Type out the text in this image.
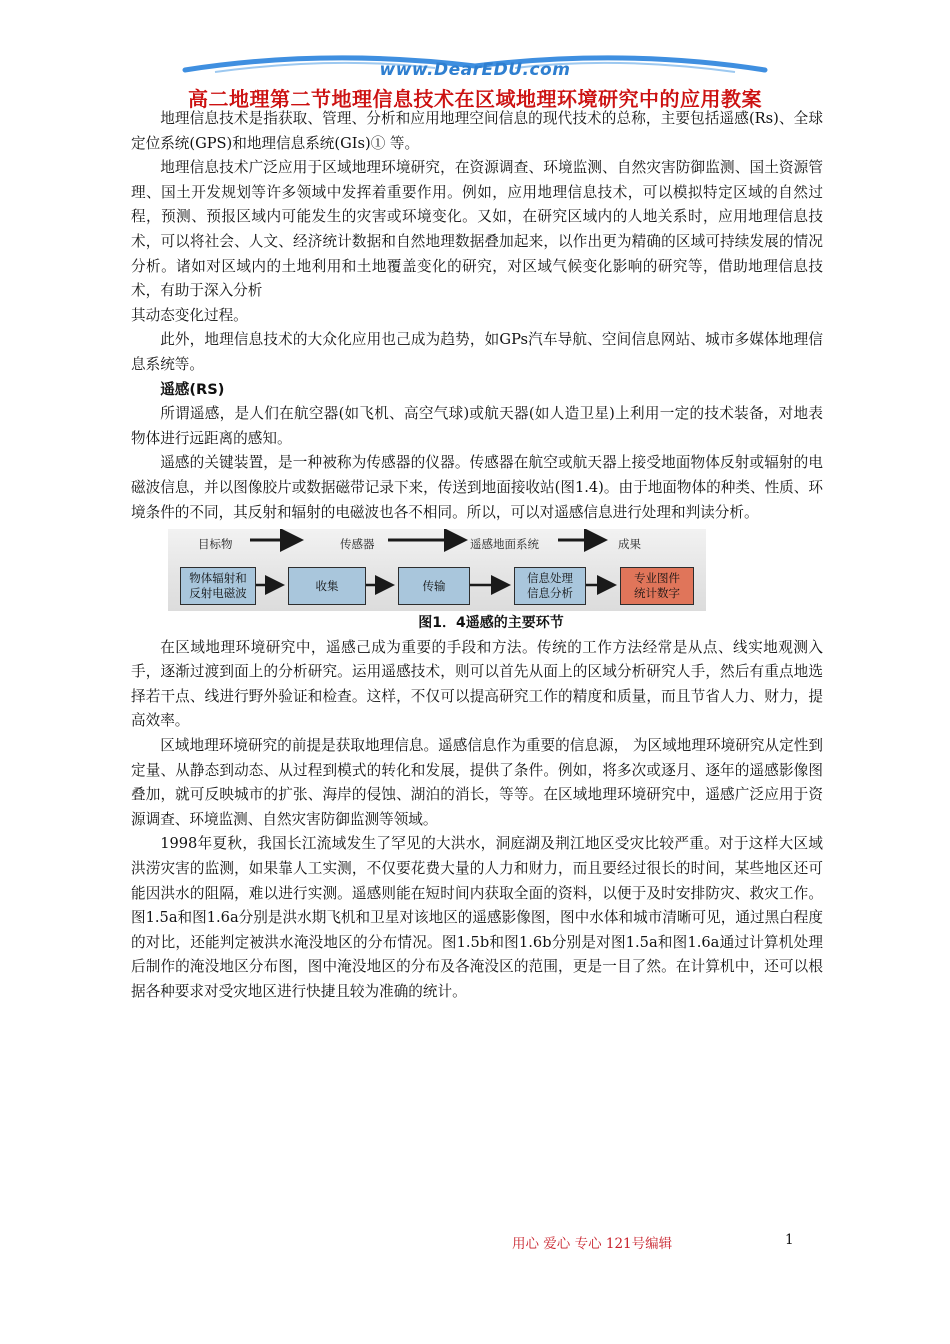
www.DearEDU.com
高二地理第二节地理信息技术在区域地理环境研究中的应用教案

地理信息技术是指获取、管理、分析和应用地理空间信息的现代技术的总称，主要包括遥感(Rs)、全球定位系统(GPS)和地理信息系统(GIs)① 等。

地理信息技术广泛应用于区域地理环境研究，在资源调查、环境监测、自然灾害防御监测、国土资源管理、国土开发规划等许多领域中发挥着重要作用。例如，应用地理信息技术，可以模拟特定区域的自然过程，预测、预报区域内可能发生的灾害或环境变化。又如，在研究区域内的人地关系时，应用地理信息技术，可以将社会、人文、经济统计数据和自然地理数据叠加起来，以作出更为精确的区域可持续发展的情况分析。诸如对区域内的土地利用和土地覆盖变化的研究，对区域气候变化影响的研究等，借助地理信息技术，有助于深入分析

其动态变化过程。

此外，地理信息技术的大众化应用也己成为趋势，如GPs汽车导航、空间信息网站、城市多媒体地理信息系统等。

遥感(RS)

所谓遥感，是人们在航空器(如飞机、高空气球)或航天器(如人造卫星)上利用一定的技术装备，对地表物体进行远距离的感知。

遥感的关键装置，是一种被称为传感器的仪器。传感器在航空或航天器上接受地面物体反射或辐射的电磁波信息，并以图像胶片或数据磁带记录下来，传送到地面接收站(图1.4)。由于地面物体的种类、性质、环境条件的不同，其反射和辐射的电磁波也各不相同。所以，可以对遥感信息进行处理和判读分析。

目标物	传感器	遥感地面系统	成果
物体辐射和
反射电磁波
收集	传输
信息处理
信息分析
专业图件
统计数字

图1．4遥感的主要环节

在区域地理环境研究中，遥感己成为重要的手段和方法。传统的工作方法经常是从点、线实地观测入手，逐渐过渡到面上的分析研究。运用遥感技术，则可以首先从面上的区域分析研究人手，然后有重点地选择若干点、线进行野外验证和检查。这样，不仅可以提高研究工作的精度和质量，而且节省人力、财力，提高效率。

区域地理环境研究的前提是获取地理信息。遥感信息作为重要的信息源， 为区域地理环境研究从定性到定量、从静态到动态、从过程到模式的转化和发展，提供了条件。例如，将多次或逐月、逐年的遥感影像图叠加，就可反映城市的扩张、海岸的侵蚀、湖泊的消长，等等。在区域地理环境研究中，遥感广泛应用于资源调查、环境监测、自然灾害防御监测等领域。

1998年夏秋，我国长江流域发生了罕见的大洪水，洞庭湖及荆江地区受灾比较严重。对于这样大区域洪涝灾害的监测，如果靠人工实测，不仅要花费大量的人力和财力，而且要经过很长的时间，某些地区还可能因洪水的阻隔，难以进行实测。遥感则能在短时间内获取全面的资料，以便于及时安排防灾、救灾工作。图1.5a和图1.6a分别是洪水期飞机和卫星对该地区的遥感影像图，图中水体和城市清晰可见，通过黑白程度的对比，还能判定被洪水淹没地区的分布情况。图1.5b和图1.6b分别是对图1.5a和图1.6a通过计算机处理后制作的淹没地区分布图，图中淹没地区的分布及各淹没区的范围，更是一目了然。在计算机中，还可以根据各种要求对受灾地区进行快捷且较为准确的统计。

用心 爱心 专心 121号编辑	1
